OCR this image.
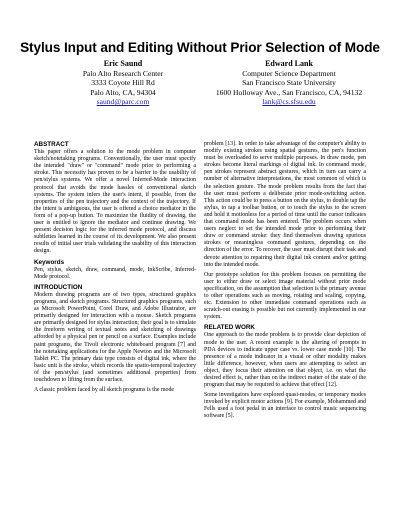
Stylus Input and Editing Without Prior Selection of Mode
Eric Saund
Palo Alto Research Center
3333 Coyote Hill Rd
Palo Alto, CA, 94304
saund@parc.com
Edward Lank
Computer Science Department
San Francisco State University
1600 Holloway Ave., San Francisco, CA, 94132
lank@cs.sfsu.edu
ABSTRACT

This paper offers a solution to the mode problem in computer sketch/notetaking programs. Conventionally, the user must specify the intended "draw" or "command" mode prior to performing a stroke. This necessity has proven to be a barrier to the usability of pen/stylus systems. We offer a novel Inferred-Mode interaction protocol that avoids the mode hassles of conventional sketch systems. The system infers the user's intent, if possible, from the properties of the pen trajectory and the context of the trajectory. If the intent is ambiguous, the user is offered a choice mediator in the form of a pop-up button. To maximize the fluidity of drawing, the user is entitled to ignore the mediator and continue drawing. We present decision logic for the inferred mode protocol, and discuss subtleties learned in the course of its development. We also present results of initial user trials validating the usability of this interaction design.

Keywords

Pen, stylus, sketch, draw, command, mode, InkScribe, Inferred-Mode protocol.

INTRODUCTION

Modern drawing programs are of two types, structured graphics programs, and sketch programs. Structured graphics programs, such as Microsoft PowerPoint, Corel Draw, and Adobe Illustrator, are primarily designed for interaction with a mouse. Sketch programs are primarily designed for stylus interaction; their goal is to simulate the freeform writing of textual notes and sketching of drawings afforded by a physical pen or pencil on a surface. Examples include paint programs, the Tivoli electronic whiteboard program [7] and the notetaking applications for the Apple Newton and the Microsoft Tablet PC. The primary data type consists of digital ink, where the basic unit is the stroke, which records the spatio-temporal trajectory of the pen/stylus (and sometimes additional properties) from touchdown to lifting from the surface.

A classic problem faced by all sketch programs is the mode

problem [13]. In order to take advantage of the computer's ability to modify existing strokes using spatial gestures, the pen's function must be overloaded to serve multiple purposes. In draw mode, pen strokes become literal markings of digital ink. In command mode, pen strokes represent abstract gestures, which in turn can carry a number of alternative interpretations, the most common of which is the selection gesture. The mode problem results from the fact that the user must perform a deliberate prior mode-switching action. This action could be to press a button on the stylus, to double tap the stylus, to tap a toolbar button, or to touch the stylus to the screen and hold it motionless for a period of time until the cursor indicates that command mode has been entered. The problem occurs when users neglect to set the intended mode prior to performing their draw or command stroke: they find themselves drawing spurious strokes or meaningless command gestures, depending on the direction of the error. To recover, the user must disrupt their task and devote attention to repairing their digital ink content and/or getting into the intended mode.

Our prototype solution for this problem focuses on permitting the user to either draw or select image material without prior mode specification, on the assumption that selection is the primary avenue to other operations such as moving, rotating and scaling, copying, etc. Extension to other immediate command operations such as scratch-out erasing is possible but not currently implemented in our system.

RELATED WORK

One approach to the mode problem is to provide clear depiction of mode to the user. A recent example is the altering of prompts in PDA devices to indicate upper case vs. lower case mode [10]. The presence of a mode indicator in a visual or other modality makes little difference, however, when users are attempting to select an object, they focus their attention on that object, i.e. on what the desired effect is, rather than on the indirect matter of the state of the program that may be required to achieve that effect [12].

Some investigators have explored quasi-modes, or temporary modes invoked by explicit motor actions [9]. For example, Mohammed and Fells used a foot pedal in an interface to control music sequencing software [5].
